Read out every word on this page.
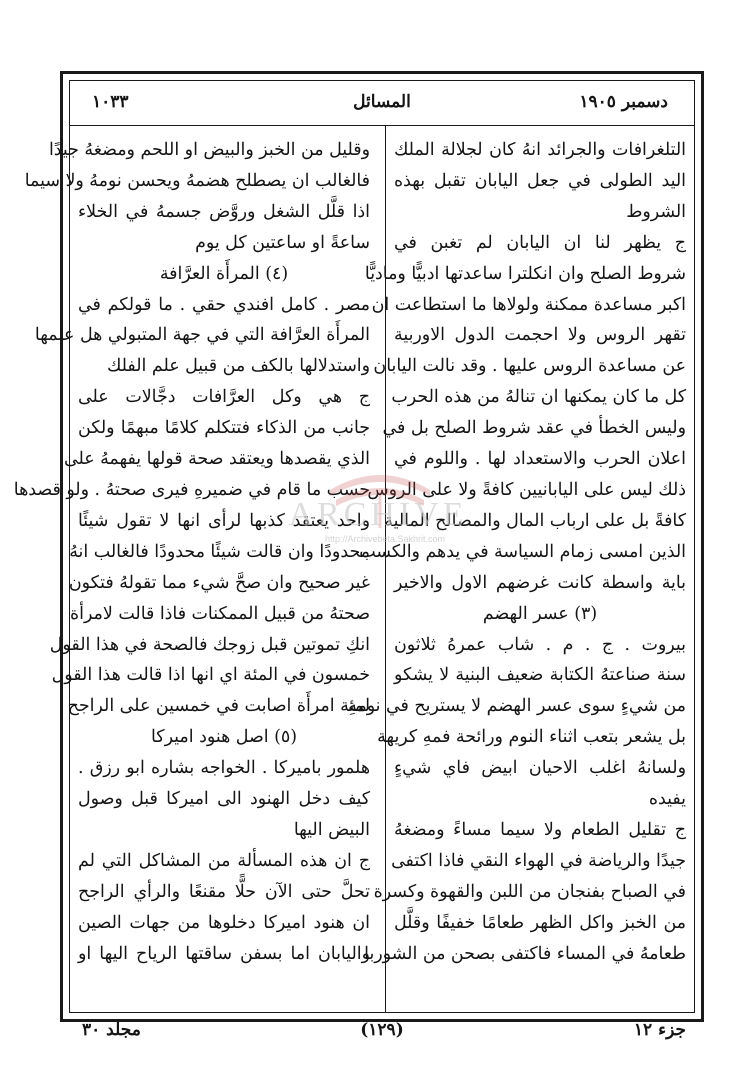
دسمبر ١٩٠٥
المسائل
١٠٣٣
التلغرافات والجرائد انهُ كان لجلالة الملك
اليد الطولى في جعل اليابان تقبل بهذه
الشروط
ج يظهر لنا ان اليابان لم تغبن في
شروط الصلح وان انكلترا ساعدتها ادبيًّا وماديًّا
اكبر مساعدة ممكنة ولولاها ما استطاعت ان
تقهر الروس ولا احجمت الدول الاوربية
عن مساعدة الروس عليها . وقد نالت اليابان
كل ما كان يمكنها ان تنالهُ من هذه الحرب
وليس الخطأ في عقد شروط الصلح بل في
اعلان الحرب والاستعداد لها . واللوم في
ذلك ليس على اليابانيين كافةً ولا على الروس
كافةً بل على ارباب المال والمصالح المالية
الذين امسى زمام السياسة في يدهم والكسب
باية واسطة كانت غرضهم الاول والاخير
(٣) عسر الهضم
بيروت . ج . م . شاب عمرهُ ثلاثون
سنة صناعتهُ الكتابة ضعيف البنية لا يشكو
من شيءٍ سوى عسر الهضم لا يستريح في نومهِ
بل يشعر بتعب اثناء النوم ورائحة فمهِ كريهة
ولسانهُ اغلب الاحيان ابيض فاي شيءٍ
يفيده
ج تقليل الطعام ولا سيما مساءً ومضغهُ
جيدًا والرياضة في الهواء النقي فاذا اكتفى
في الصباح بفنجان من اللبن والقهوة وكسرة
من الخبز واكل الظهر طعامًا خفيفًا وقلَّل
طعامهُ في المساء فاكتفى بصحن من الشوربا
وقليل من الخبز والبيض او اللحم ومضغهُ جيدًا
فالغالب ان يصطلح هضمهُ ويحسن نومهُ ولا سيما
اذا قلَّل الشغل وروَّض جسمهُ في الخلاء
ساعةً او ساعتين كل يوم
(٤) المرأَة العرَّافة
مصر . كامل افندي حقي . ما قولكم في
المرأَة العرَّافة التي في جهة المتبولي هل علمها
واستدلالها بالكف من قبيل علم الفلك
ج هي وكل العرَّافات دجَّالات على
جانب من الذكاء فتتكلم كلامًا مبهمًا ولكن
الذي يقصدها ويعتقد صحة قولها يفهمهُ على
حسب ما قام في ضميرهِ فيرى صحتهُ . ولو قصدها
واحد يعتقد كذبها لرأى انها لا تقول شيئًا
محدودًا وان قالت شيئًا محدودًا فالغالب انهُ
غير صحيح وان صحَّ شيء مما تقولهُ فتكون
صحتهُ من قبيل الممكنات فاذا قالت لامرأة
انكِ تموتين قبل زوجك فالصحة في هذا القول
خمسون في المئة اي انها اذا قالت هذا القول
لمئة امرأَة اصابت في خمسين على الراجح
(٥) اصل هنود اميركا
هلمور باميركا . الخواجه بشاره ابو رزق .
كيف دخل الهنود الى اميركا قبل وصول
البيض اليها
ج ان هذه المسألة من المشاكل التي لم
تحلَّ حتى الآن حلًّا مقنعًا والرأي الراجح
ان هنود اميركا دخلوها من جهات الصين
واليابان اما بسفن ساقتها الرياح اليها او
ARCHIVE
http://Archivebeta.Sakhrit.com
جزء ١٢
(١٢٩)
مجلد ٣٠
